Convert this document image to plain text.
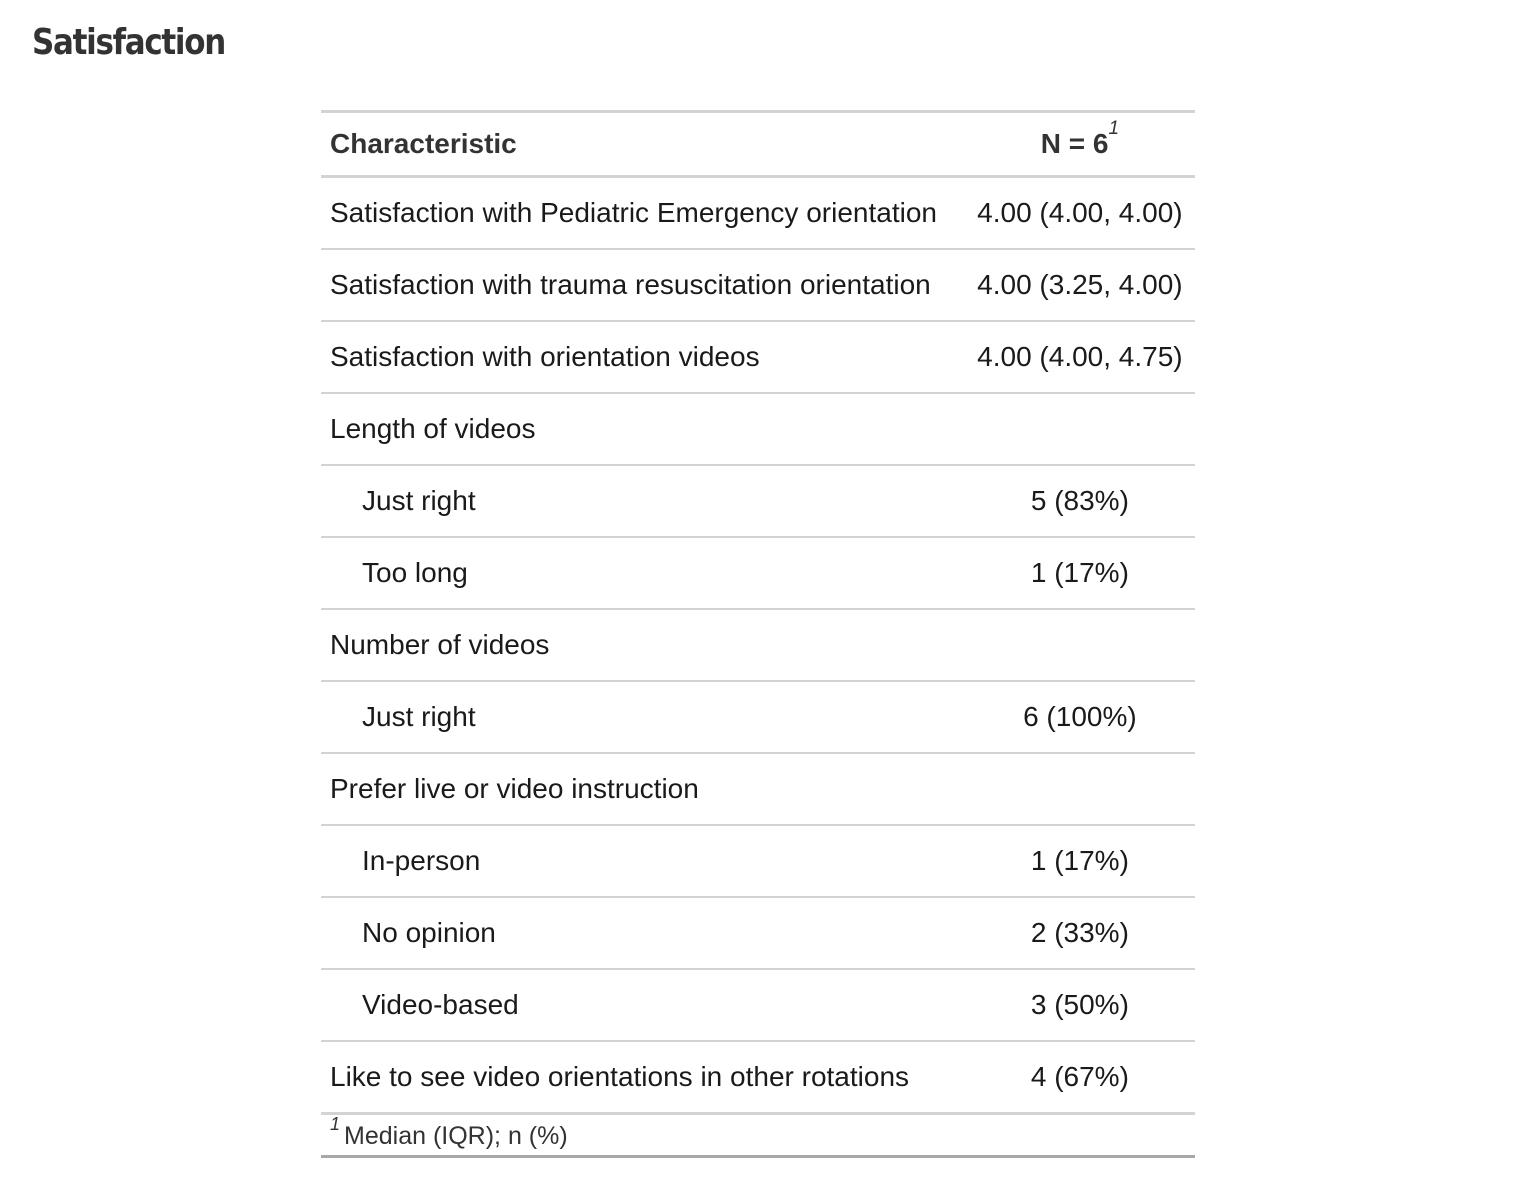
Satisfaction
Characteristic	$N = 6^1$
Satisfaction with Pediatric Emergency orientation	4.00 (4.00, 4.00)
Satisfaction with trauma resuscitation orientation	4.00 (3.25, 4.00)
Satisfaction with orientation videos	4.00 (4.00, 4.75)
Length of videos	
Just right	5 (83%)
Too long	1 (17%)
Number of videos	
Just right	6 (100%)
Prefer live or video instruction	
In-person	1 (17%)
No opinion	2 (33%)
Video-based	3 (50%)
Like to see video orientations in other rotations	4 (67%)
$^1$ Median (IQR); n (%)	
